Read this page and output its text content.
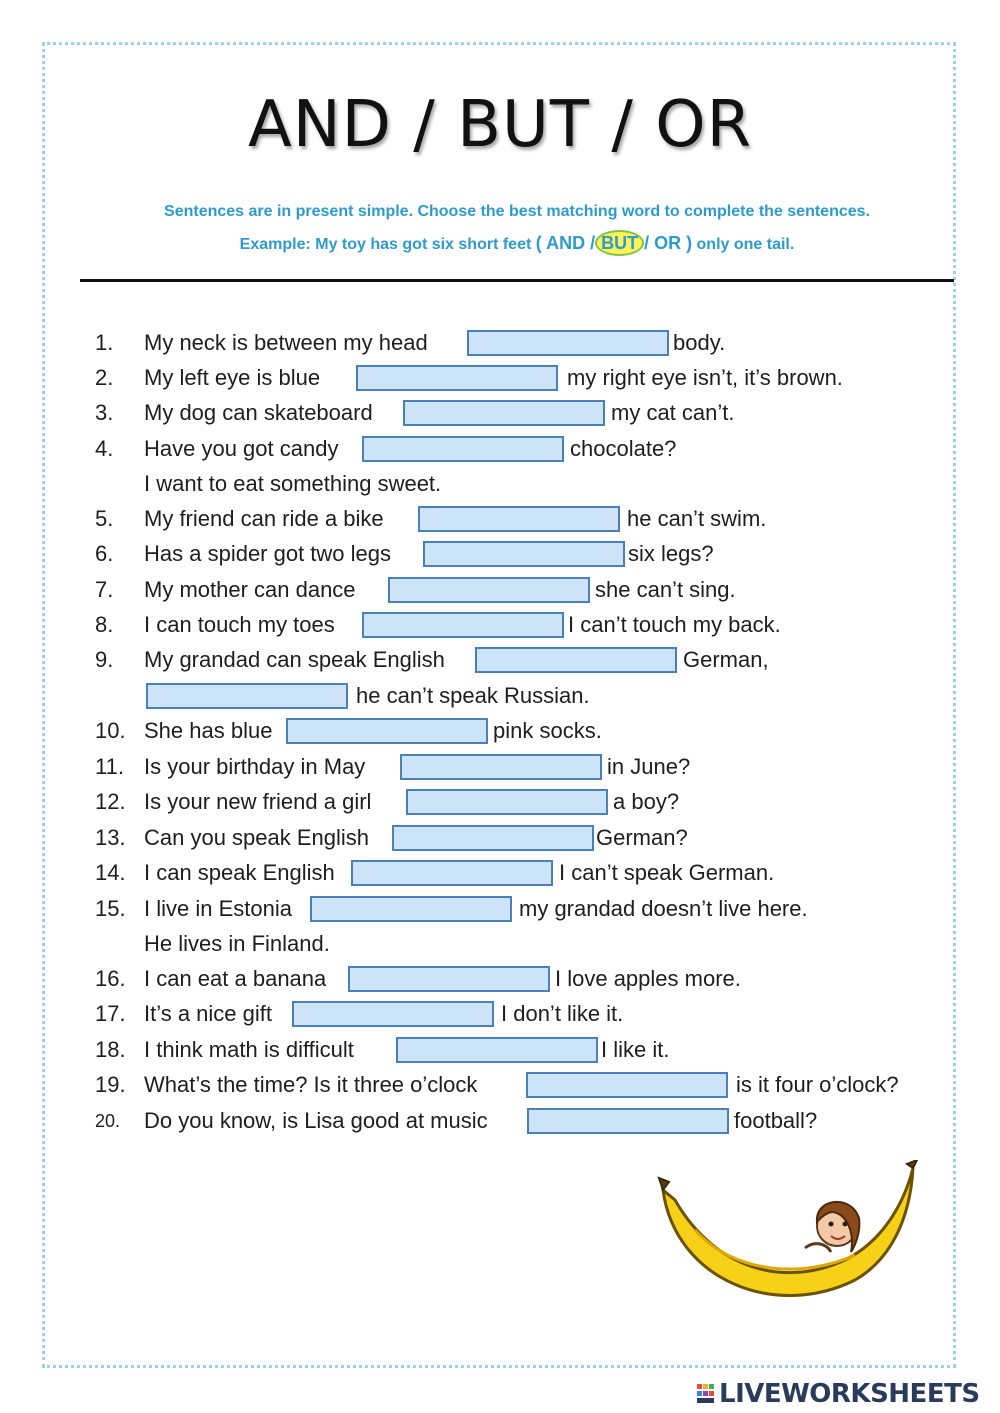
AND / BUT / OR
Sentences are in present simple. Choose the best matching word to complete the sentences.
Example: My toy has got six short feet ( AND / BUT / OR ) only one tail.
1. My neck is between my head	body.
2. My left eye is blue	my right eye isn’t, it’s brown.
3. My dog can skateboard	my cat can’t.
4. Have you got candy	chocolate?
I want to eat something sweet.
5. My friend can ride a bike	he can’t swim.
6. Has a spider got two legs	six legs?
7. My mother can dance	she can’t sing.
8. I can touch my toes	I can’t touch my back.
9. My grandad can speak English	German,
he can’t speak Russian.
10. She has blue	pink socks.
11. Is your birthday in May	in June?
12. Is your new friend a girl	a boy?
13. Can you speak English	German?
14. I can speak English	I can’t speak German.
15. I live in Estonia	my grandad doesn’t live here.
He lives in Finland.
16. I can eat a banana	I love apples more.
17. It’s a nice gift	I don’t like it.
18. I think math is difficult	I like it.
19. What’s the time? Is it three o’clock	is it four o’clock?
20. Do you know, is Lisa good at music	football?
LIVEWORKSHEETS
